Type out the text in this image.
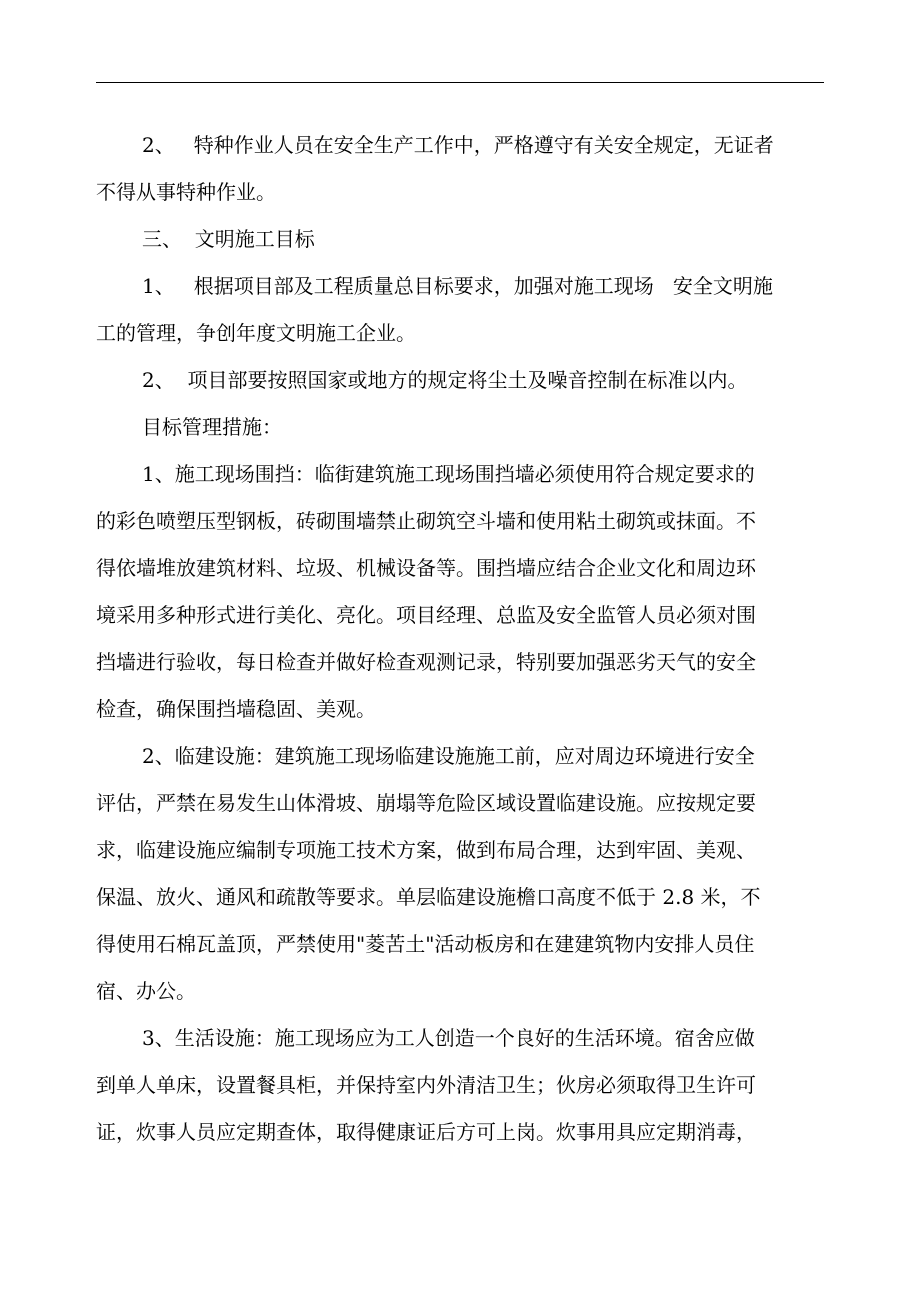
2、   特种作业人员在安全生产工作中，严格遵守有关安全规定，无证者
不得从事特种作业。
三、  文明施工目标
1、   根据项目部及工程质量总目标要求，加强对施工现场   安全文明施
工的管理，争创年度文明施工企业。
2、  项目部要按照国家或地方的规定将尘土及噪音控制在标准以内。
目标管理措施：
1、施工现场围挡：临街建筑施工现场围挡墙必须使用符合规定要求的
的彩色喷塑压型钢板，砖砌围墙禁止砌筑空斗墙和使用粘土砌筑或抹面。不
得依墙堆放建筑材料、垃圾、机械设备等。围挡墙应结合企业文化和周边环
境采用多种形式进行美化、亮化。项目经理、总监及安全监管人员必须对围
挡墙进行验收，每日检查并做好检查观测记录，特别要加强恶劣天气的安全
检查，确保围挡墙稳固、美观。
2、临建设施：建筑施工现场临建设施施工前，应对周边环境进行安全
评估，严禁在易发生山体滑坡、崩塌等危险区域设置临建设施。应按规定要
求，临建设施应编制专项施工技术方案，做到布局合理，达到牢固、美观、
保温、放火、通风和疏散等要求。单层临建设施檐口高度不低于 2.8 米，不
得使用石棉瓦盖顶，严禁使用"菱苦土"活动板房和在建建筑物内安排人员住
宿、办公。
3、生活设施：施工现场应为工人创造一个良好的生活环境。宿舍应做
到单人单床，设置餐具柜，并保持室内外清洁卫生；伙房必须取得卫生许可
证，炊事人员应定期查体，取得健康证后方可上岗。炊事用具应定期消毒，
